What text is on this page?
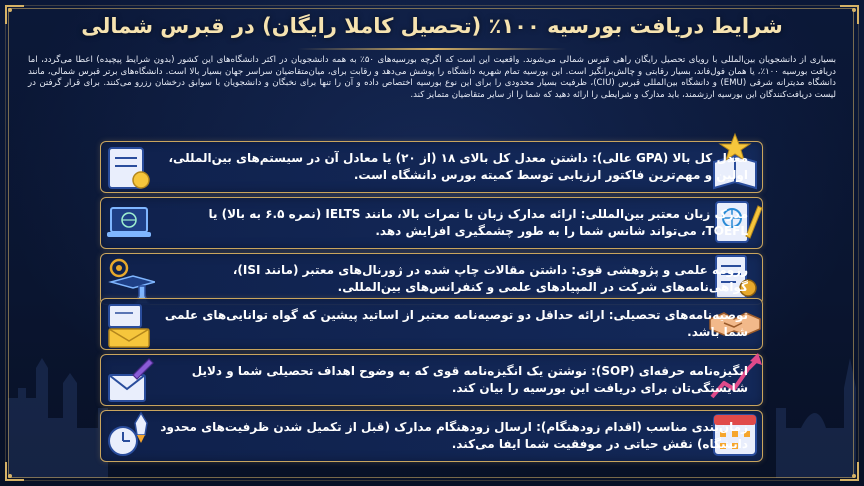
شرایط دریافت بورسیه ۱۰۰٪ (تحصیل کاملا رایگان) در قبرس شمالی
بسیاری از دانشجویان بین‌المللی با رویای تحصیل رایگان راهی قبرس شمالی می‌شوند. واقعیت این است که اگرچه بورسیه‌های ۵۰٪ به همه دانشجویان در اکثر دانشگاه‌های این کشور (بدون شرایط پیچیده) اعطا می‌گردد، اما دریافت بورسیه ۱۰۰٪، یا همان فول‌فاند، بسیار رقابتی و چالش‌برانگیز است. این بورسیه تمام شهریه دانشگاه را پوشش می‌دهد و رقابت برای، میان‌متقاضیان سراسر جهان بسیار بالا است. دانشگاه‌های برتر قبرس شمالی، مانند دانشگاه مدیترانه شرقی (EMU) و دانشگاه بین‌المللی قبرس (CIU)، ظرفیت بسیار محدودی را برای این نوع بورسیه اختصاص داده و آن را تنها برای نخبگان و دانشجویان با سوابق درخشان رزرو می‌کنند. برای قرار گرفتن در لیست دریافت‌کنندگان این بورسیه ارزشمند، باید مدارک و شرایطی را ارائه دهید که شما را از سایر متقاضیان متمایز کند.
معدل کل بالا (GPA عالی): داشتن معدل کل بالای ۱۸ (از ۲۰) یا معادل آن در سیستم‌های بین‌المللی، اولین و مهم‌ترین فاکتور ارزیابی توسط کمیته بورس دانشگاه است.
مدرک زبان معتبر بین‌المللی: ارائه مدارک زبان با نمرات بالا، مانند IELTS (نمره ۶.۵ به بالا) یا TOEFL، می‌تواند شانس شما را به طور چشمگیری افزایش دهد.
رزومه علمی و پژوهشی قوی: داشتن مقالات چاپ شده در ژورنال‌های معتبر (مانند ISI)، گواهی‌نامه‌های شرکت در المپیادهای علمی و کنفرانس‌های بین‌المللی.
توصیه‌نامه‌های تحصیلی: ارائه حداقل دو توصیه‌نامه معتبر از اساتید پیشین که گواه توانایی‌های علمی شما باشد.
انگیزه‌نامه حرفه‌ای (SOP): نوشتن یک انگیزه‌نامه قوی که به وضوح اهداف تحصیلی شما و دلایل شایستگی‌تان برای دریافت این بورسیه را بیان کند.
زمان‌بندی مناسب (اقدام زودهنگام): ارسال زودهنگام مدارک (قبل از تکمیل شدن ظرفیت‌های محدود دانشگاه) نقش حیاتی در موفقیت شما ایفا می‌کند.
